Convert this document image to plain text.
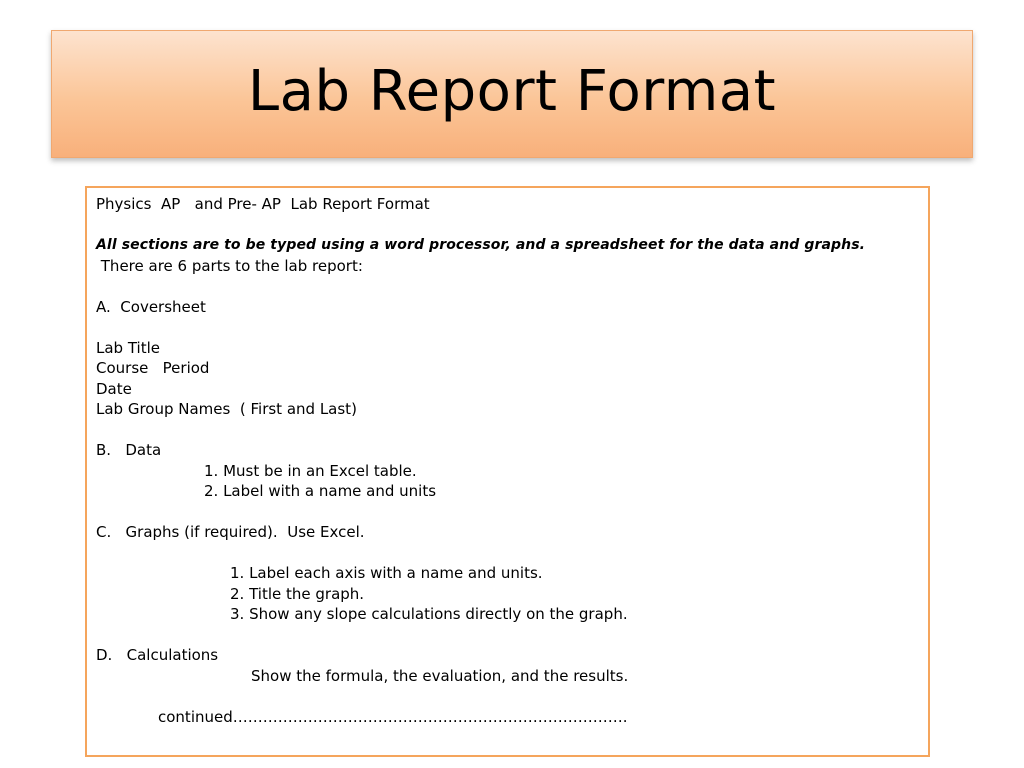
Lab Report Format
Physics  AP   and Pre- AP  Lab Report Format
All sections are to be typed using a word processor, and a spreadsheet for the data and graphs.
There are 6 parts to the lab report:
A.  Coversheet
Lab Title
Course   Period
Date
Lab Group Names  ( First and Last)
B.   Data
1. Must be in an Excel table.
2. Label with a name and units
C.   Graphs (if required).  Use Excel.
1. Label each axis with a name and units.
2. Title the graph.
3. Show any slope calculations directly on the graph.
D.   Calculations
Show the formula, the evaluation, and the results.
continued…………………………………………………………………….
